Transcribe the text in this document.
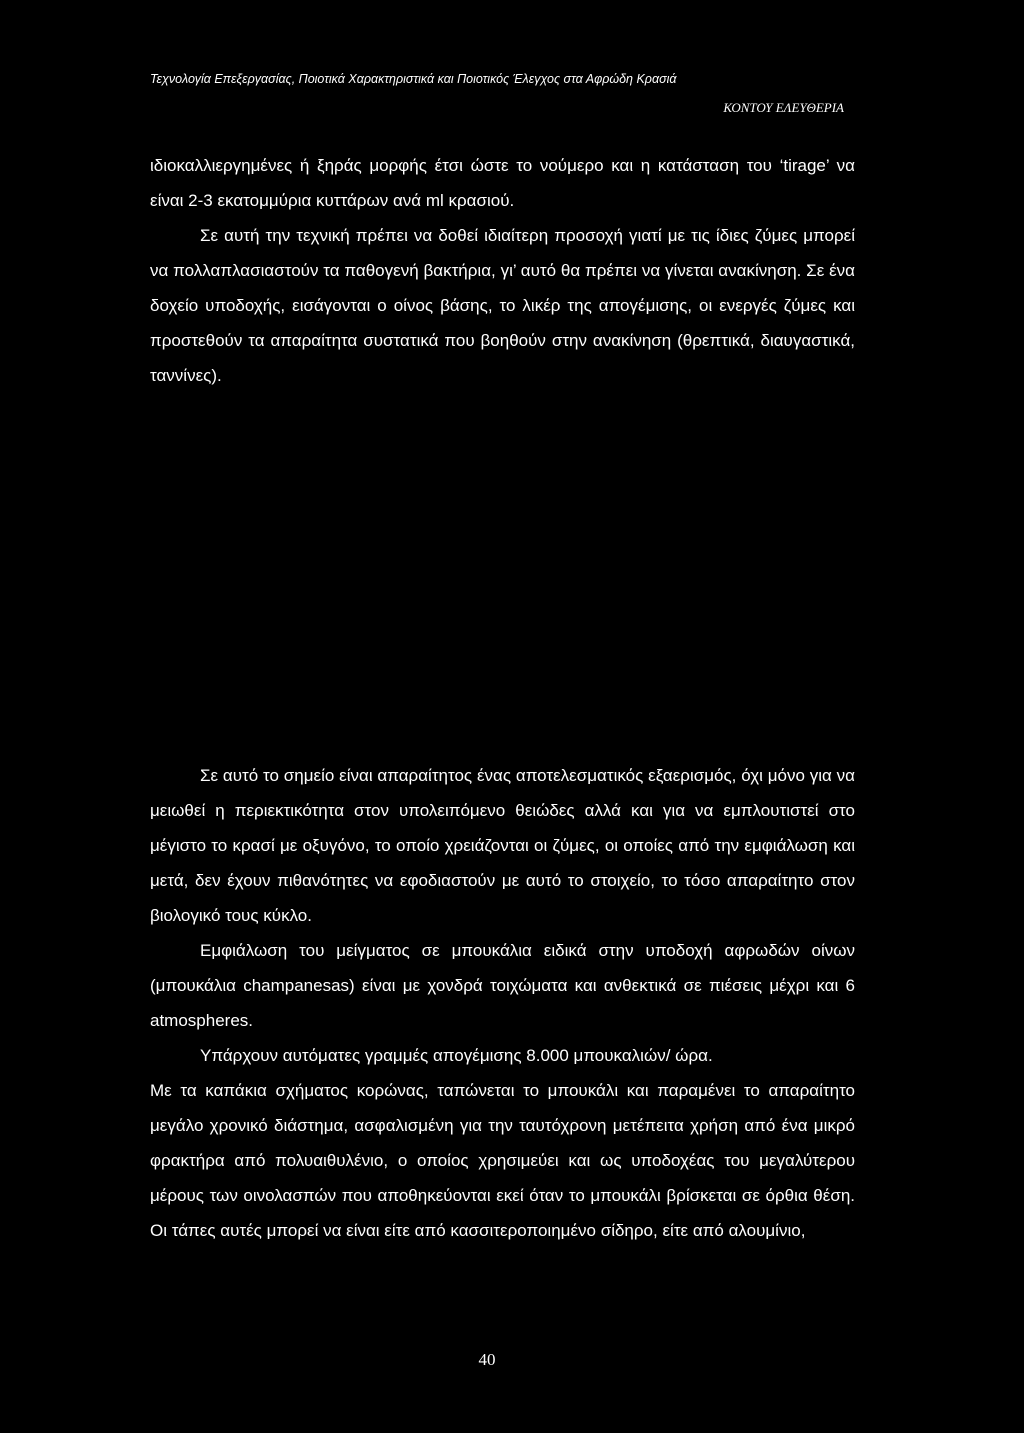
Τεχνολογία Επεξεργασίας, Ποιοτικά Χαρακτηριστικά και Ποιοτικός Έλεγχος στα Αφρώδη Κρασιά
ΚΟΝΤΟΥ ΕΛΕΥΘΕΡΙΑ

ιδιοκαλλιεργημένες ή ξηράς μορφής έτσι ώστε το νούμερο και η κατάσταση του ‘tirage’ να είναι 2-3 εκατομμύρια κυττάρων ανά ml κρασιού.

Σε αυτή την τεχνική πρέπει να δοθεί ιδιαίτερη προσοχή γιατί με τις ίδιες ζύμες μπορεί να πολλαπλασιαστούν τα παθογενή βακτήρια, γι’ αυτό θα πρέπει να γίνεται ανακίνηση. Σε ένα δοχείο υποδοχής, εισάγονται ο οίνος βάσης, το λικέρ της απογέμισης, οι ενεργές ζύμες και προστεθούν τα απαραίτητα συστατικά που βοηθούν στην ανακίνηση (θρεπτικά, διαυγαστικά, ταννίνες).

Σε αυτό το σημείο είναι απαραίτητος ένας αποτελεσματικός εξαερισμός, όχι μόνο για να μειωθεί η περιεκτικότητα στον υπολειπόμενο θειώδες αλλά και για να εμπλουτιστεί στο μέγιστο το κρασί με οξυγόνο, το οποίο χρειάζονται οι ζύμες, οι οποίες από την εμφιάλωση και μετά, δεν έχουν πιθανότητες να εφοδιαστούν με αυτό το στοιχείο, το τόσο απαραίτητο στον βιολογικό τους κύκλο.

Εμφιάλωση του μείγματος σε μπουκάλια ειδικά στην υποδοχή αφρωδών οίνων (μπουκάλια champanesas) είναι με χονδρά τοιχώματα και ανθεκτικά σε πιέσεις μέχρι και 6 atmospheres.

Υπάρχουν αυτόματες γραμμές απογέμισης 8.000 μπουκαλιών/ ώρα.

Με τα καπάκια σχήματος κορώνας, ταπώνεται το μπουκάλι και παραμένει το απαραίτητο μεγάλο χρονικό διάστημα, ασφαλισμένη για την ταυτόχρονη μετέπειτα χρήση από ένα μικρό φρακτήρα από πολυαιθυλένιο, ο οποίος χρησιμεύει και ως υποδοχέας του μεγαλύτερου μέρους των οινολασπών που αποθηκεύονται εκεί όταν το μπουκάλι βρίσκεται σε όρθια θέση. Οι τάπες αυτές μπορεί να είναι είτε από κασσιτεροποιημένο σίδηρο, είτε από αλουμίνιο,

40
